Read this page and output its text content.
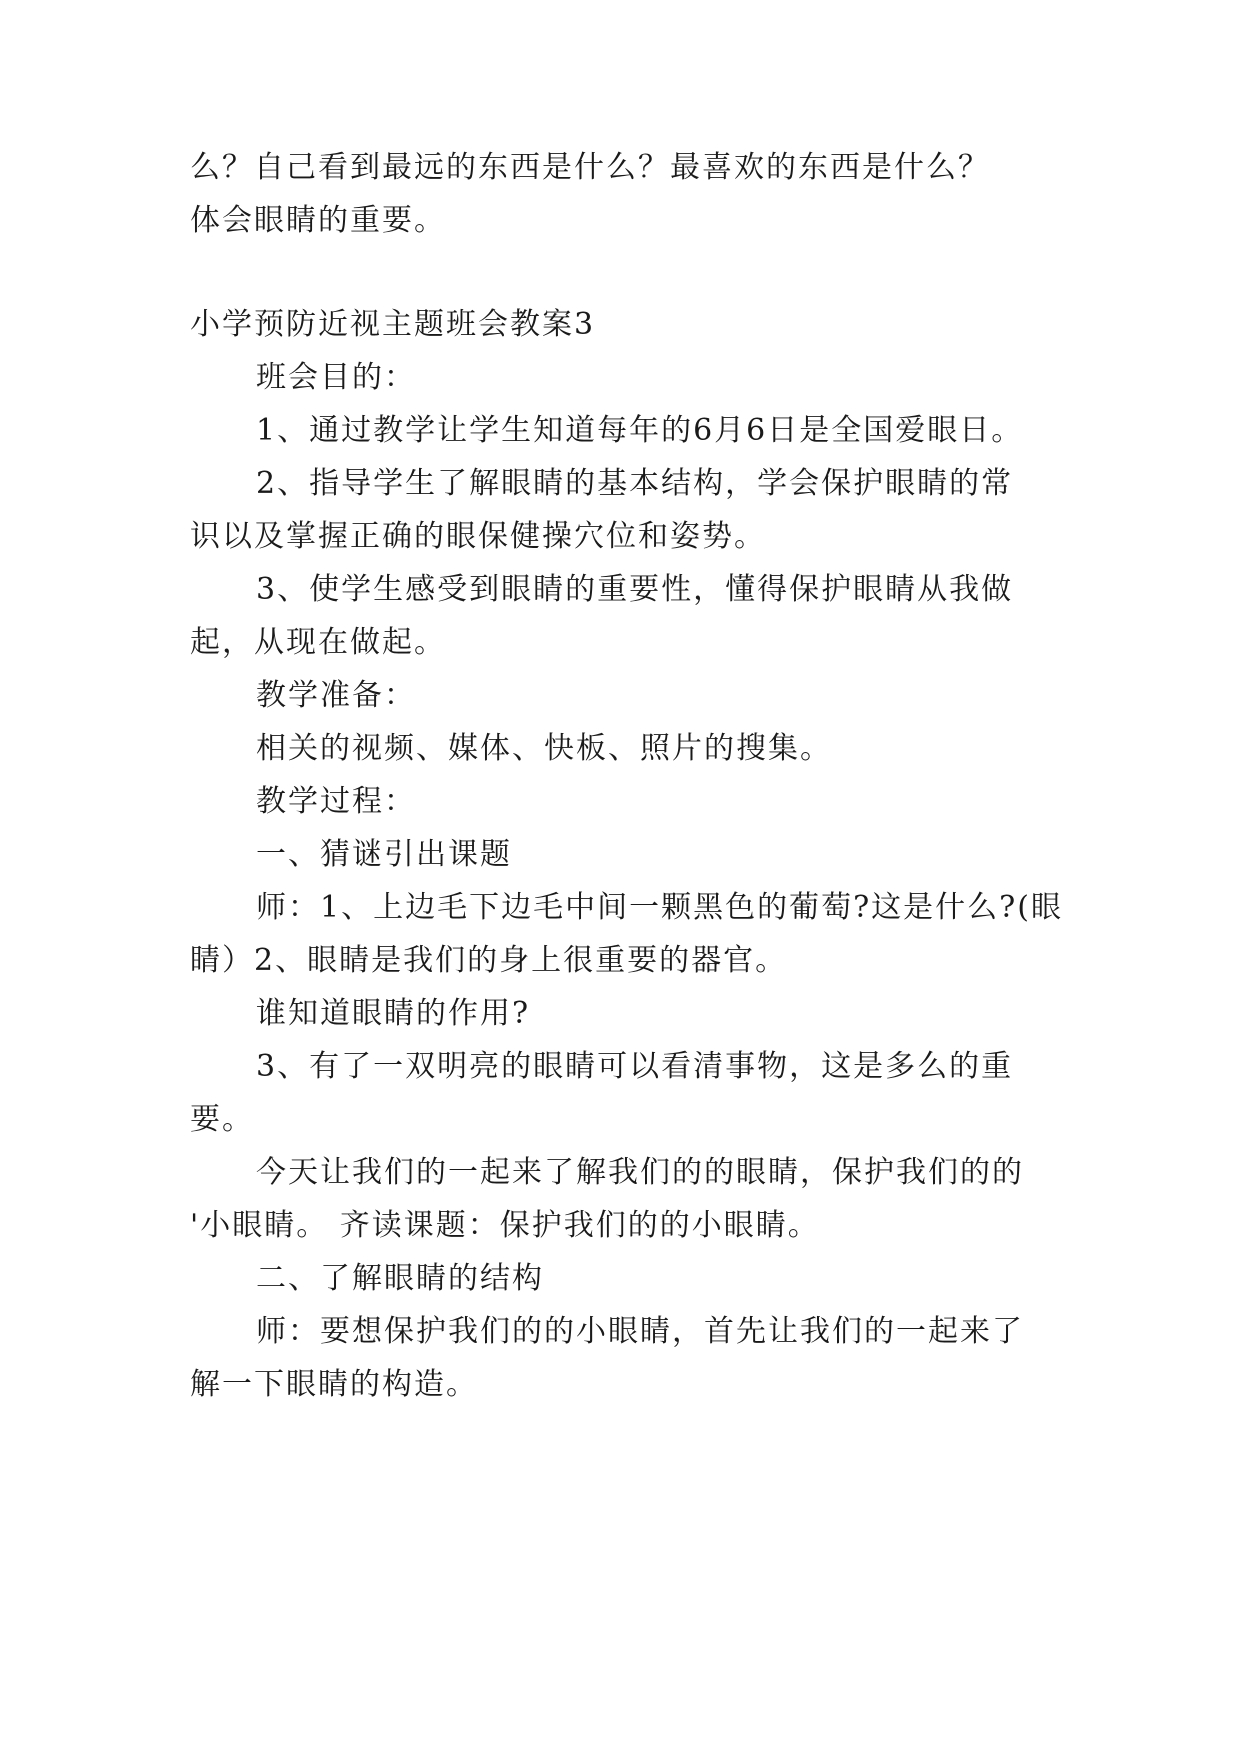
么？自己看到最远的东西是什么？最喜欢的东西是什么？
体会眼睛的重要。
小学预防近视主题班会教案3
班会目的：
1、通过教学让学生知道每年的6月6日是全国爱眼日。
2、指导学生了解眼睛的基本结构，学会保护眼睛的常
识以及掌握正确的眼保健操穴位和姿势。
3、使学生感受到眼睛的重要性，懂得保护眼睛从我做
起，从现在做起。
教学准备：
相关的视频、媒体、快板、照片的搜集。
教学过程：
一、猜谜引出课题
师：1、上边毛下边毛中间一颗黑色的葡萄?这是什么?(眼
睛）2、眼睛是我们的身上很重要的器官。
谁知道眼睛的作用?
3、有了一双明亮的眼睛可以看清事物，这是多么的重
要。
今天让我们的一起来了解我们的的眼睛，保护我们的的
'小眼睛。 齐读课题：保护我们的的小眼睛。
二、了解眼睛的结构
师：要想保护我们的的小眼睛，首先让我们的一起来了
解一下眼睛的构造。
